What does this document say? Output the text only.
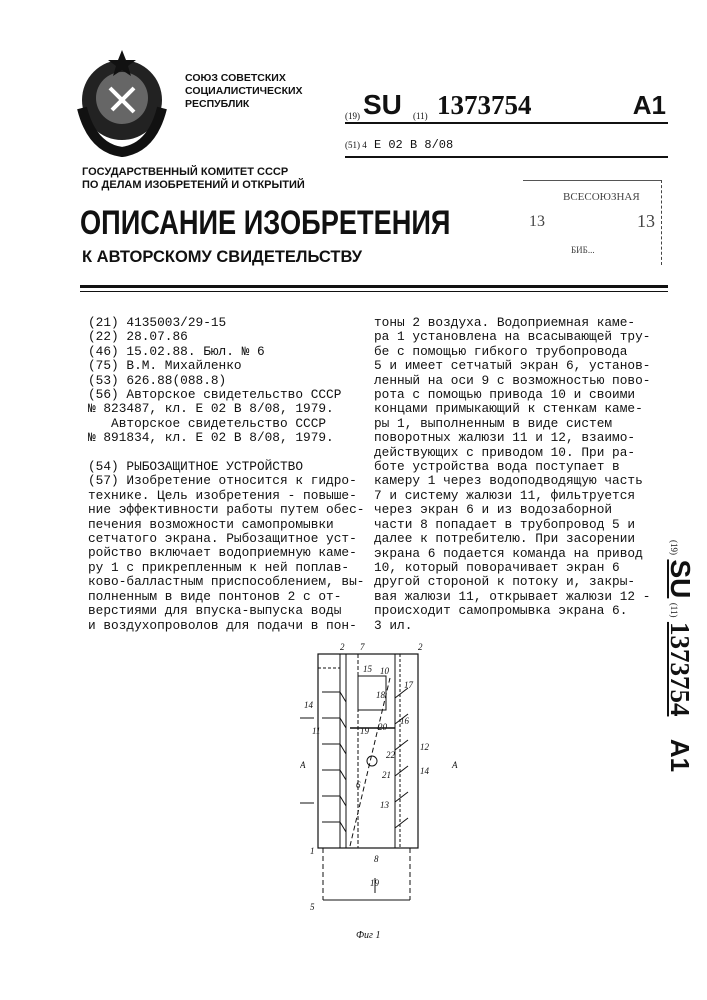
СОЮЗ СОВЕТСКИХ
СОЦИАЛИСТИЧЕСКИХ
РЕСПУБЛИК
(19) SU (11) 1373754	A1
(51) 4 E 02 B 8/08
ГОСУДАРСТВЕННЫЙ КОМИТЕТ СССР
ПО ДЕЛАМ ИЗОБРЕТЕНИЙ И ОТКРЫТИЙ
ОПИСАНИЕ ИЗОБРЕТЕНИЯ
К АВТОРСКОМУ СВИДЕТЕЛЬСТВУ
ВСЕСОЮЗНАЯ
13	13
БИБ...
(21) 4135003/29-15
(22) 28.07.86
(46) 15.02.88. Бюл. № 6
(75) В.М. Михайленко
(53) 626.88(088.8)
(56) Авторское свидетельство СССР
№ 823487, кл. Е 02 В 8/08, 1979.
Авторское свидетельство СССР
№ 891834, кл. Е 02 В 8/08, 1979.
(54) РЫБОЗАЩИТНОЕ УСТРОЙСТВО
(57) Изобретение относится к гидро-
технике. Цель изобретения - повыше-
ние эффективности работы путем обес-
печения возможности самопромывки
сетчатого экрана. Рыбозащитное уст-
ройство включает водоприемную каме-
ру 1 с прикрепленным к ней поплав-
ково-балластным приспособлением, вы-
полненным в виде понтонов 2 с от-
верстиями для впуска-выпуска воды
и воздухопроволов для подачи в пон-
тоны 2 воздуха. Водоприемная каме-
ра 1 установлена на всасывающей тру-
бе с помощью гибкого трубопровода
5 и имеет сетчатый экран 6, установ-
ленный на оси 9 с возможностью пово-
рота с помощью привода 10 и своими
концами примыкающий к стенкам каме-
ры 1, выполненным в виде систем
поворотных жалюзи 11 и 12, взаимо-
действующих с приводом 10. При ра-
боте устройства вода поступает в
камеру 1 через водоподводящую часть
7 и систему жалюзи 11, фильтруется
через экран 6 и из водозаборной
части 8 попадает в трубопровод 5 и
далее к потребителю. При засорении
экрана 6 подается команда на привод
10, который поворачивает экран 6
другой стороной к потоку и, закры-
вая жалюзи 11, открывает жалюзи 12 -
происходит самопромывка экрана 6.
3 ил.
(19) SU (11) 1373754 A1
2 7	2
15 10
17
14
18
16
11	19 20
12
A	A
22
6
21	14
13
1
8
19
5
Фиг 1
